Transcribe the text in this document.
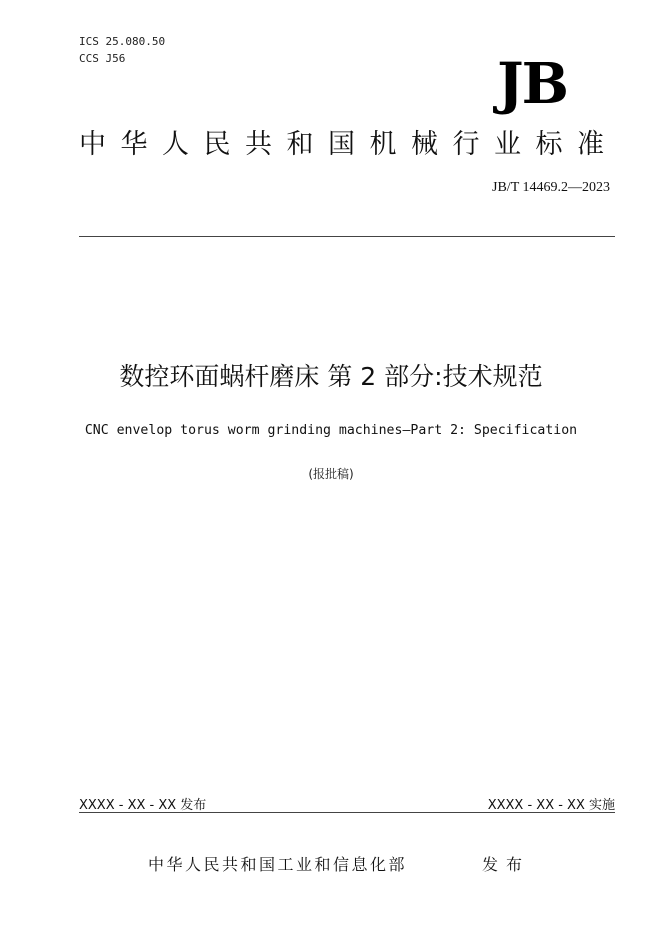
ICS 25.080.50
CCS J56	JB
中华人民共和国机械行业标准
JB/T 14469.2—2023
数控环面蜗杆磨床 第 2 部分:技术规范
CNC envelop torus worm grinding machines—Part 2: Specification
(报批稿)
XXXX - XX - XX 发布	XXXX - XX - XX 实施
中华人民共和国工业和信息化部	发布
